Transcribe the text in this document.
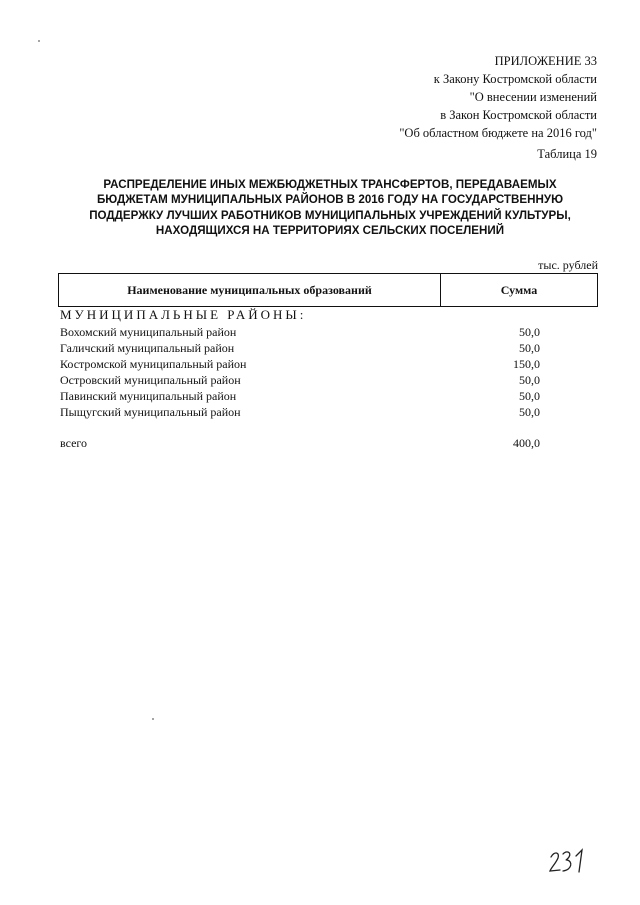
ПРИЛОЖЕНИЕ 33
к Закону Костромской области
"О внесении изменений
в Закон Костромской области
"Об областном бюджете на 2016 год"
Таблица 19
РАСПРЕДЕЛЕНИЕ ИНЫХ МЕЖБЮДЖЕТНЫХ ТРАНСФЕРТОВ, ПЕРЕДАВАЕМЫХ
БЮДЖЕТАМ МУНИЦИПАЛЬНЫХ РАЙОНОВ В 2016 ГОДУ НА ГОСУДАРСТВЕННУЮ
ПОДДЕРЖКУ ЛУЧШИХ РАБОТНИКОВ МУНИЦИПАЛЬНЫХ УЧРЕЖДЕНИЙ КУЛЬТУРЫ,
НАХОДЯЩИХСЯ НА ТЕРРИТОРИЯХ СЕЛЬСКИХ ПОСЕЛЕНИЙ
тыс. рублей
Наименование муниципальных образований	Сумма
МУНИЦИПАЛЬНЫЕ РАЙОНЫ:
Вохомский муниципальный район	50,0
Галичский муниципальный район	50,0
Костромской муниципальный район	150,0
Островский муниципальный район	50,0
Павинский муниципальный район	50,0
Пыщугский муниципальный район	50,0
всего	400,0
